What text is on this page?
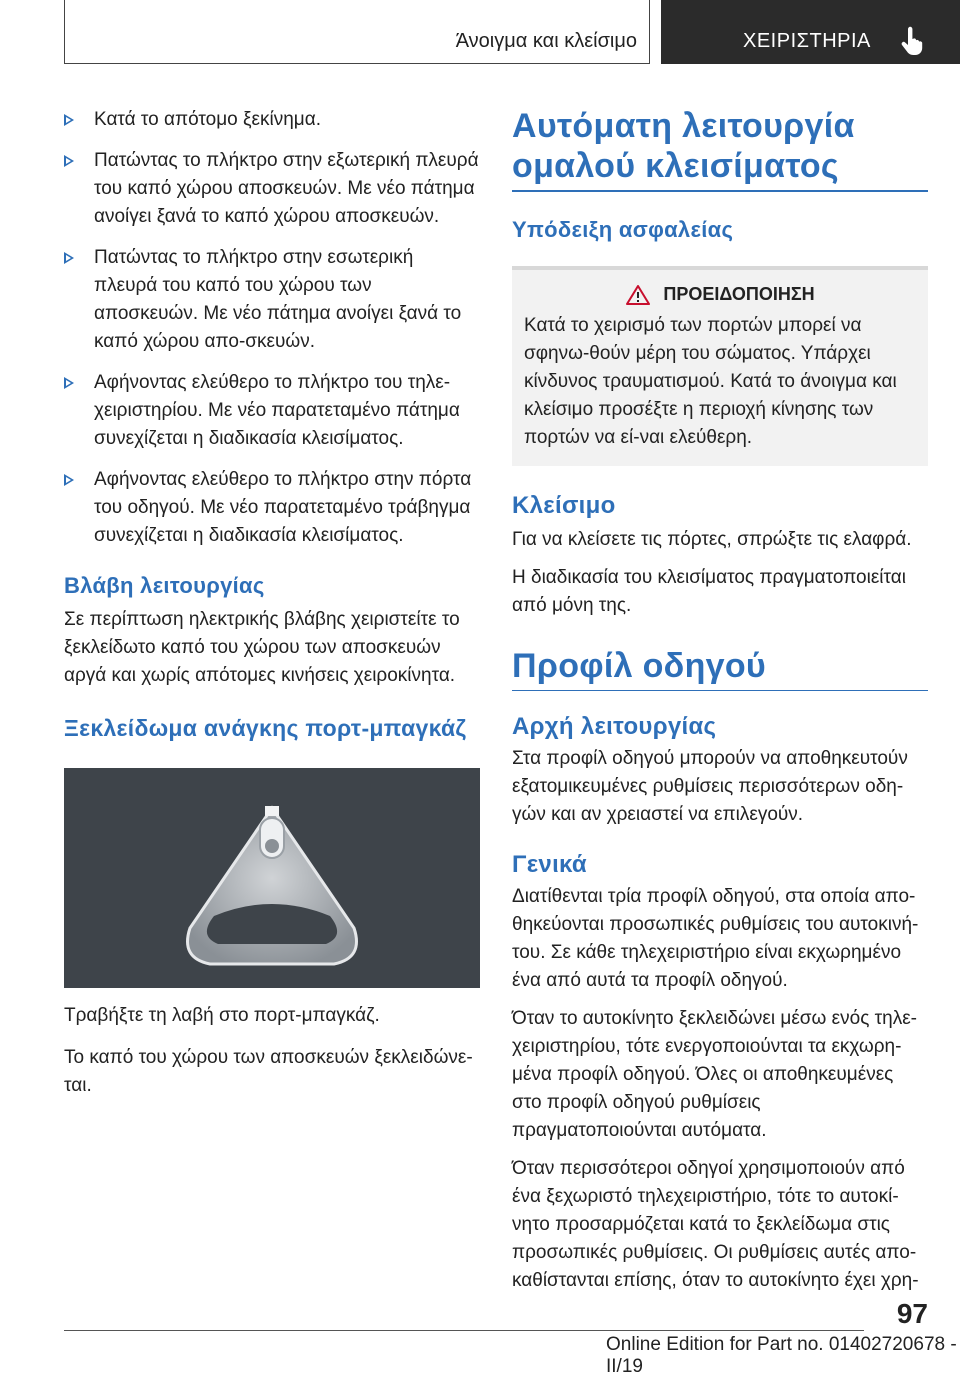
Άνοιγμα και κλείσιμο	ΧΕΙΡΙΣΤΗΡΙΑ
Κατά το απότομο ξεκίνημα.
Πατώντας το πλήκτρο στην εξωτερική πλευρά του καπό χώρου αποσκευών. Με νέο πάτημα ανοίγει ξανά το καπό χώρου αποσκευών.
Πατώντας το πλήκτρο στην εσωτερική πλευρά του καπό του χώρου των αποσκευών. Με νέο πάτημα ανοίγει ξανά το καπό χώρου απο-σκευών.
Αφήνοντας ελεύθερο το πλήκτρο του τηλε-χειριστηρίου. Με νέο παρατεταμένο πάτημα συνεχίζεται η διαδικασία κλεισίματος.
Αφήνοντας ελεύθερο το πλήκτρο στην πόρτα του οδηγού. Με νέο παρατεταμένο τράβηγμα συνεχίζεται η διαδικασία κλεισίματος.
Βλάβη λειτουργίας

Σε περίπτωση ηλεκτρικής βλάβης χειριστείτε το ξεκλείδωτο καπό του χώρου των αποσκευών αργά και χωρίς απότομες κινήσεις χειροκίνητα.

Ξεκλείδωμα ανάγκης πορτ-μπαγκάζ

Τραβήξτε τη λαβή στο πορτ-μπαγκάζ.

Το καπό του χώρου των αποσκευών ξεκλειδώνε-ται.

Αυτόματη λειτουργία ομαλού κλεισίματος
Υπόδειξη ασφαλείας
ΠΡΟΕΙΔΟΠΟΙΗΣΗ

Κατά το χειρισμό των πορτών μπορεί να σφηνω-θούν μέρη του σώματος. Υπάρχει κίνδυνος τραυματισμού. Κατά το άνοιγμα και κλείσιμο προσέξτε η περιοχή κίνησης των πορτών να εί-ναι ελεύθερη.

Κλείσιμο

Για να κλείσετε τις πόρτες, σπρώξτε τις ελαφρά.

Η διαδικασία του κλεισίματος πραγματοποιείται από μόνη της.

Προφίλ οδηγού
Αρχή λειτουργίας

Στα προφίλ οδηγού μπορούν να αποθηκευτούν εξατομικευμένες ρυθμίσεις περισσότερων οδη-γών και αν χρειαστεί να επιλεγούν.

Γενικά

Διατίθενται τρία προφίλ οδηγού, στα οποία απο-θηκεύονται προσωπικές ρυθμίσεις του αυτοκινή-του. Σε κάθε τηλεχειριστήριο είναι εκχωρημένο ένα από αυτά τα προφίλ οδηγού.

Όταν το αυτοκίνητο ξεκλειδώνει μέσω ενός τηλε-χειριστηρίου, τότε ενεργοποιούνται τα εκχωρη-μένα προφίλ οδηγού. Όλες οι αποθηκευμένες στο προφίλ οδηγού ρυθμίσεις πραγματοποιούνται αυτόματα.

Όταν περισσότεροι οδηγοί χρησιμοποιούν από ένα ξεχωριστό τηλεχειριστήριο, τότε το αυτοκί-νητο προσαρμόζεται κατά το ξεκλείδωμα στις προσωπικές ρυθμίσεις. Οι ρυθμίσεις αυτές απο-καθίστανται επίσης, όταν το αυτοκίνητο έχει χρη-

97
Online Edition for Part no. 01402720678 - II/19
